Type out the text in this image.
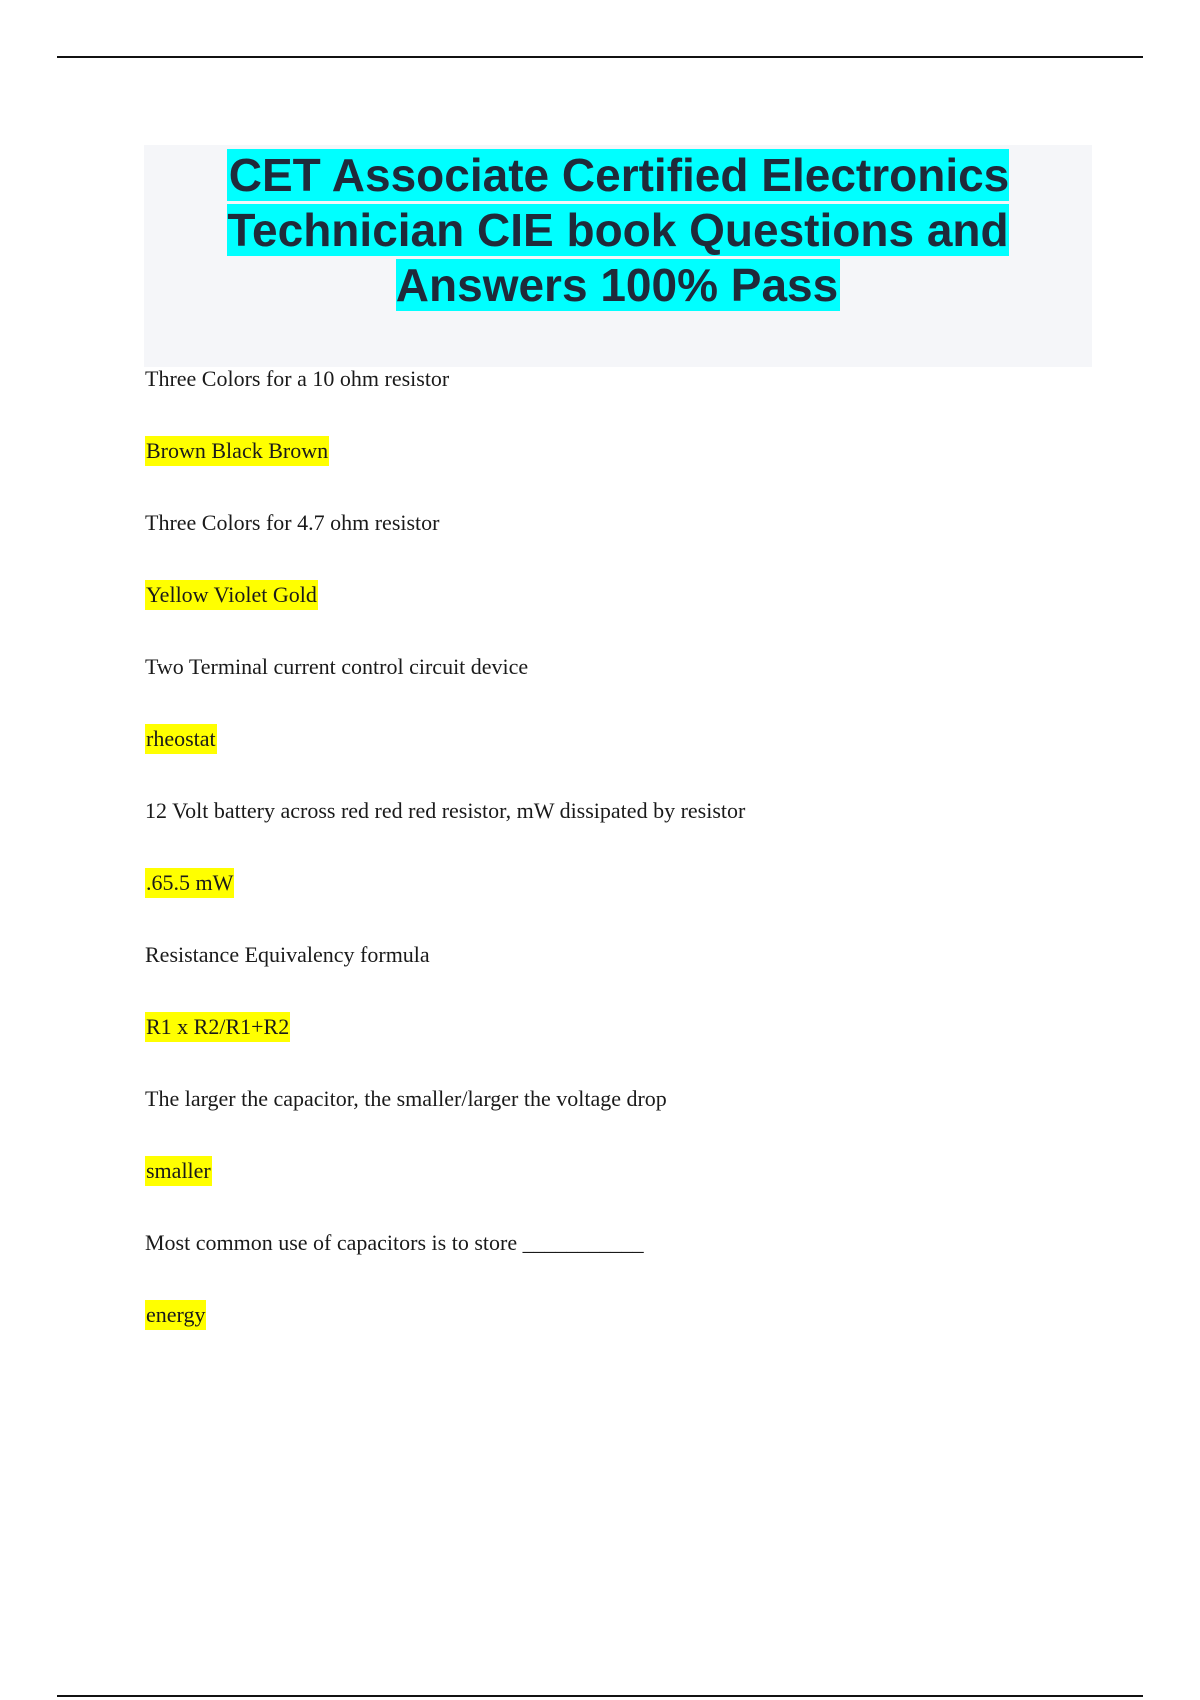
CET Associate Certified Electronics Technician CIE book Questions and Answers 100% Pass
Three Colors for a 10 ohm resistor
Brown Black Brown
Three Colors for 4.7 ohm resistor
Yellow Violet Gold
Two Terminal current control circuit device
rheostat
12 Volt battery across red red red resistor, mW dissipated by resistor
.65.5 mW
Resistance Equivalency formula
R1 x R2/R1+R2
The larger the capacitor, the smaller/larger the voltage drop
smaller
Most common use of capacitors is to store ___________
energy
